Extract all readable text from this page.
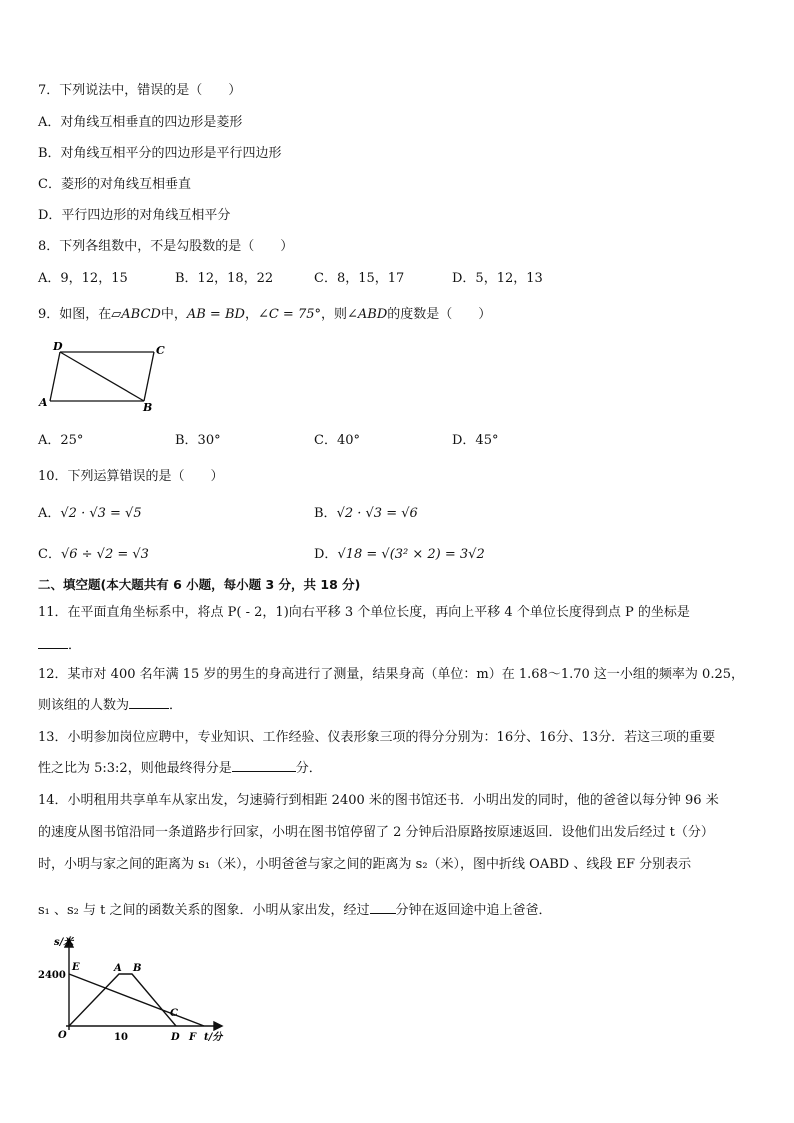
7．下列说法中，错误的是（　　）
A．对角线互相垂直的四边形是菱形
B．对角线互相平分的四边形是平行四边形
C．菱形的对角线互相垂直
D．平行四边形的对角线互相平分
8．下列各组数中，不是勾股数的是（　　）
A．9，12，15	B．12，18，22	C．8，15，17	D．5，12，13
9．如图，在▱ABCD中，AB = BD，∠C = 75°，则∠ABD的度数是（　　）
D	C
A	B
A．25°	B．30°	C．40°	D．45°
10．下列运算错误的是（　　）
A．√2 · √3 = √5	B．√2 · √3 = √6
C．√6 ÷ √2 = √3	D．√18 = √(3² × 2) = 3√2
二、填空题(本大题共有 6 小题，每小题 3 分，共 18 分)
11．在平面直角坐标系中，将点 P( - 2，1)向右平移 3 个单位长度，再向上平移 4 个单位长度得到点 P 的坐标是
．
12．某市对 400 名年满 15 岁的男生的身高进行了测量，结果身高（单位：m）在 1.68～1.70 这一小组的频率为 0.25，
则该组的人数为	．
13．小明参加岗位应聘中，专业知识、工作经验、仪表形象三项的得分分别为：16分、16分、13分．若这三项的重要
性之比为 5:3:2，则他最终得分是	分．
14．小明租用共享单车从家出发，匀速骑行到相距 2400 米的图书馆还书．小明出发的同时，他的爸爸以每分钟 96 米
的速度从图书馆沿同一条道路步行回家，小明在图书馆停留了 2 分钟后沿原路按原速返回．设他们出发后经过 t（分）
时，小明与家之间的距离为 s₁（米），小明爸爸与家之间的距离为 s₂（米），图中折线 OABD 、线段 EF 分别表示
s₁ 、s₂ 与 t 之间的函数关系的图象．小明从家出发，经过 分钟在返回途中追上爸爸．
s/米
2400
E	A B
C
O	10	D F t/分
